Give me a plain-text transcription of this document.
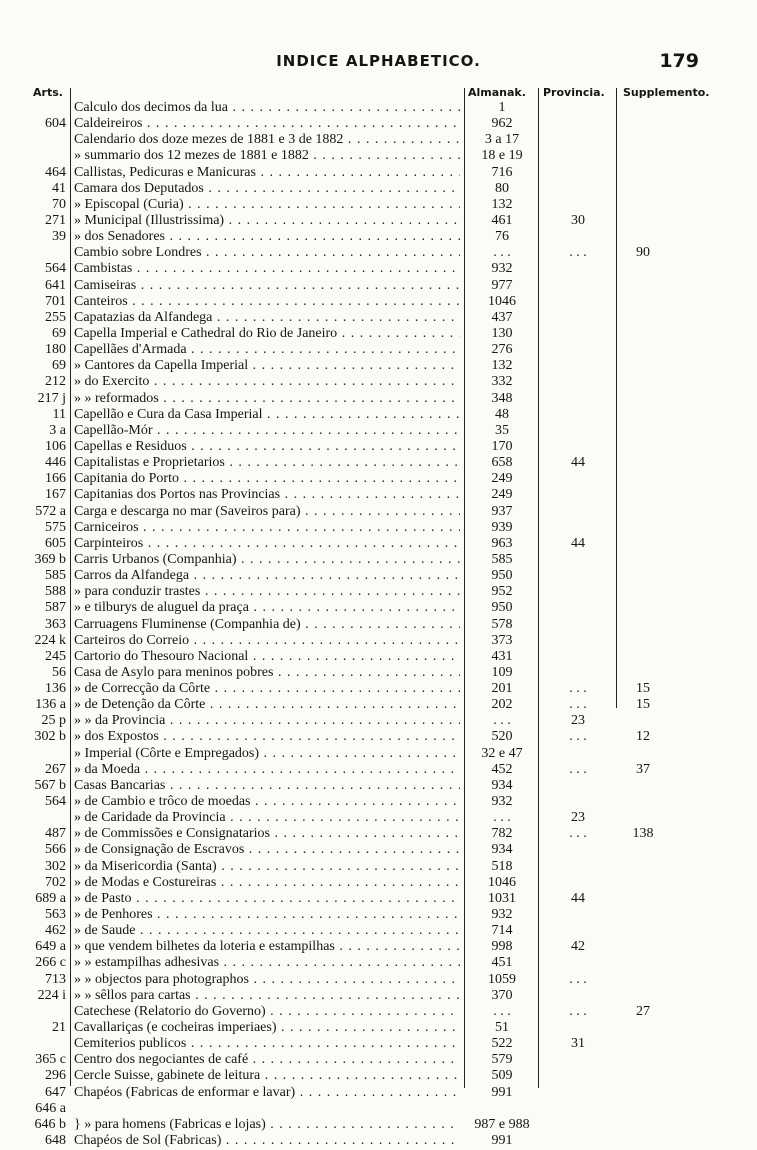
INDICE ALPHABETICO.	179
Arts.	Almanak. Provincia. Supplemento.
Calculo dos decimos da lua . . .	1
604 Caldeireiros . . .	962
Calendario dos doze mezes de 1881 e 3 de 1882 . . .	3 a 17
» summario dos 12 mezes de 1881 e 1882 . . .	18 e 19
464 Callistas, Pedicuras e Manicuras . . .	716
41 Camara dos Deputados . . .	80
70 » Episcopal (Curia) . . .	132
271 » Municipal (Illustrissima) . . .	461	30
39 » dos Senadores . . .	76
Cambio sobre Londres . . .	. . .	. . .	90
564 Cambistas . . .	932
641 Camiseiras . . .	977
701 Canteiros . . .	1046
255 Capatazias da Alfandega . . .	437
69 Capella Imperial e Cathedral do Rio de Janeiro . . .	130
180 Capellães d'Armada . . .	276
69 » Cantores da Capella Imperial . . .	132
212 » do Exercito . . .	332
217 j » » reformados . . .	348
11 Capellão e Cura da Casa Imperial . . .	48
3 a Capellão-Mór . . .	35
106 Capellas e Residuos . . .	170
446 Capitalistas e Proprietarios . . .	658	44
166 Capitania do Porto . . .	249
167 Capitanias dos Portos nas Provincias . . .	249
572 a Carga e descarga no mar (Saveiros para) . . .	937
575 Carniceiros . . .	939
605 Carpinteiros . . .	963	44
369 b Carris Urbanos (Companhia) . . .	585
585 Carros da Alfandega . . .	950
588 » para conduzir trastes . . .	952
587 » e tilburys de aluguel da praça . . .	950
363 Carruagens Fluminense (Companhia de) . . .	578
224 k Carteiros do Correio . . .	373
245 Cartorio do Thesouro Nacional . . .	431
56 Casa de Asylo para meninos pobres . . .	109
136 » de Correcção da Côrte . . .	201	. . .	15
136 a » de Detenção da Côrte . . .	202	. . .	15
25 p » » da Provincia . . .	. . .	23
302 b » dos Expostos . . .	520	. . .	12
» Imperial (Côrte e Empregados) . . .	32 e 47
267 » da Moeda . . .	452	. . .	37
567 b Casas Bancarias . . .	934
564 » de Cambio e trôco de moedas . . .	932
» de Caridade da Provincia . . .	. . .	23
487 » de Commissões e Consignatarios . . .	782	. . .	138
566 » de Consignação de Escravos . . .	934
302 » da Misericordia (Santa) . . .	518
702 » de Modas e Costureiras . . .	1046
689 a » de Pasto . . .	1031	44
563 » de Penhores . . .	932
462 » de Saude . . .	714
649 a » que vendem bilhetes da loteria e estampilhas . . .	998	42
266 c » » estampilhas adhesivas . . .	451
713 » » objectos para photographos . . .	1059	. . .
224 i » » sêllos para cartas . . .	370
Catechese (Relatorio do Governo) . . .	. . .	. . .	27
21 Cavallariças (e cocheiras imperiaes) . . .	51
Cemiterios publicos . . .	522	31
365 c Centro dos negociantes de café . . .	579
296 Cercle Suisse, gabinete de leitura . . .	509
647 Chapéos (Fabricas de enformar e lavar) . . .	991
646 a
646 b } » para homens (Fabricas e lojas) . . .	987 e 988
648 Chapéos de Sol (Fabricas) . . .	991
